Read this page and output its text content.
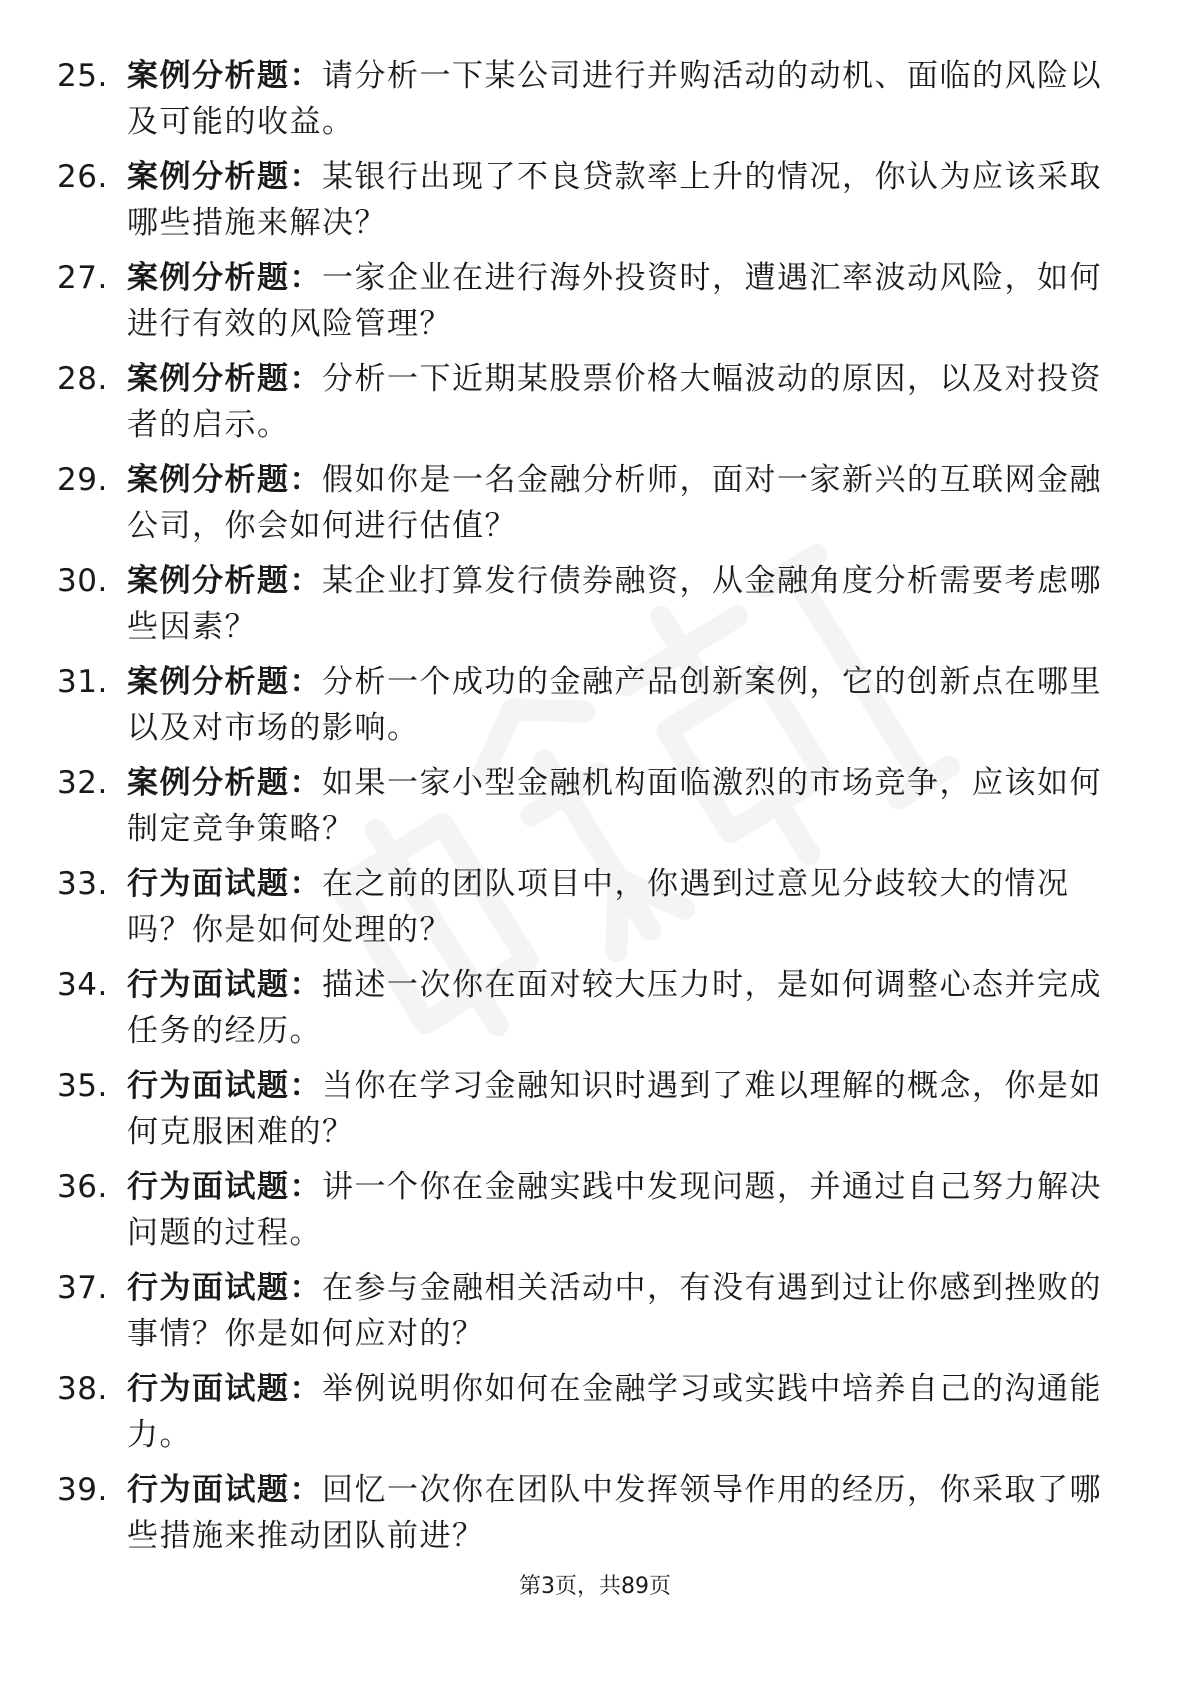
25. 案例分析题：请分析一下某公司进行并购活动的动机、面临的风险以及可能的收益。
26. 案例分析题：某银行出现了不良贷款率上升的情况，你认为应该采取哪些措施来解决？
27. 案例分析题：一家企业在进行海外投资时，遭遇汇率波动风险，如何进行有效的风险管理？
28. 案例分析题：分析一下近期某股票价格大幅波动的原因，以及对投资者的启示。
29. 案例分析题：假如你是一名金融分析师，面对一家新兴的互联网金融公司，你会如何进行估值？
30. 案例分析题：某企业打算发行债券融资，从金融角度分析需要考虑哪些因素？
31. 案例分析题：分析一个成功的金融产品创新案例，它的创新点在哪里以及对市场的影响。
32. 案例分析题：如果一家小型金融机构面临激烈的市场竞争，应该如何制定竞争策略？
33. 行为面试题：在之前的团队项目中，你遇到过意见分歧较大的情况吗？你是如何处理的？
34. 行为面试题：描述一次你在面对较大压力时，是如何调整心态并完成任务的经历。
35. 行为面试题：当你在学习金融知识时遇到了难以理解的概念，你是如何克服困难的？
36. 行为面试题：讲一个你在金融实践中发现问题，并通过自己努力解决问题的过程。
37. 行为面试题：在参与金融相关活动中，有没有遇到过让你感到挫败的事情？你是如何应对的？
38. 行为面试题：举例说明你如何在金融学习或实践中培养自己的沟通能力。
39. 行为面试题：回忆一次你在团队中发挥领导作用的经历，你采取了哪些措施来推动团队前进？
第3页，共89页
